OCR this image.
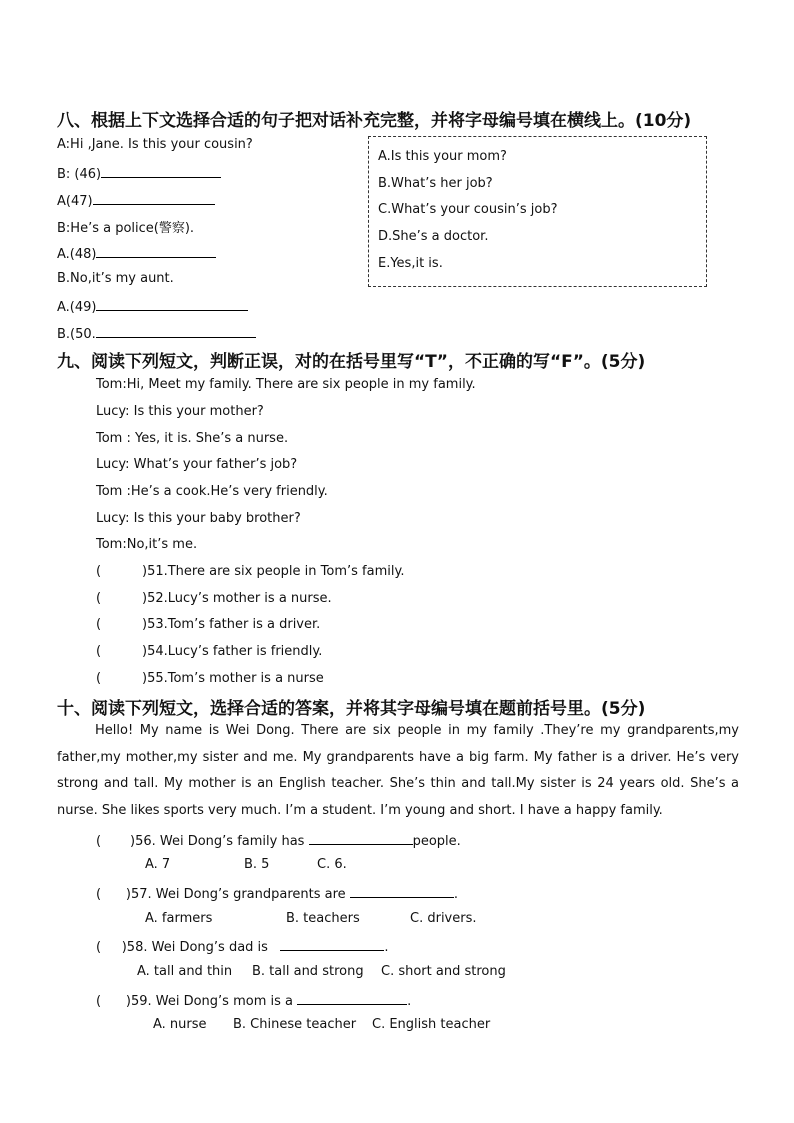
八、根据上下文选择合适的句子把对话补充完整，并将字母编号填在横线上。(10分)
A:Hi ,Jane. Is this your cousin?
B: (46)
A(47)
B:He’s a police(警察).
A.(48)
B.No,it’s my aunt.
A.(49)
B.(50.
A.Is this your mom?
B.What’s her job?
C.What’s your cousin’s job?
D.She’s a doctor.
E.Yes,it is.
九、阅读下列短文，判断正误，对的在括号里写“T”，不正确的写“F”。(5分)
Tom:Hi, Meet my family. There are six people in my family.
Lucy: Is this your mother?
Tom : Yes, it is. She’s a nurse.
Lucy: What’s your father’s job?
Tom :He’s a cook.He’s very friendly.
Lucy: Is this your baby brother?
Tom:No,it’s me.
(	)51.There are six people in Tom’s family.
(	)52.Lucy’s mother is a nurse.
(	)53.Tom’s father is a driver.
(	)54.Lucy’s father is friendly.
(	)55.Tom’s mother is a nurse
十、阅读下列短文，选择合适的答案，并将其字母编号填在题前括号里。(5分)
Hello! My name is Wei Dong. There are six people in my family .They’re my grandparents,my father,my mother,my sister and me. My grandparents have a big farm. My father is a driver. He’s very strong and tall. My mother is an English teacher. She’s thin and tall.My sister is 24 years old. She’s a nurse. She likes sports very much. I’m a student. I’m young and short. I have a happy family.
(       )56. Wei Dong’s family has	people.
A. 7	B. 5	C. 6.
(      )57. Wei Dong’s grandparents are	.
A. farmers	B. teachers	C. drivers.
(     )58. Wei Dong’s dad is	.
A. tall and thin B. tall and strong C. short and strong
(      )59. Wei Dong’s mom is a	.
A. nurse B. Chinese teacher C. English teacher
